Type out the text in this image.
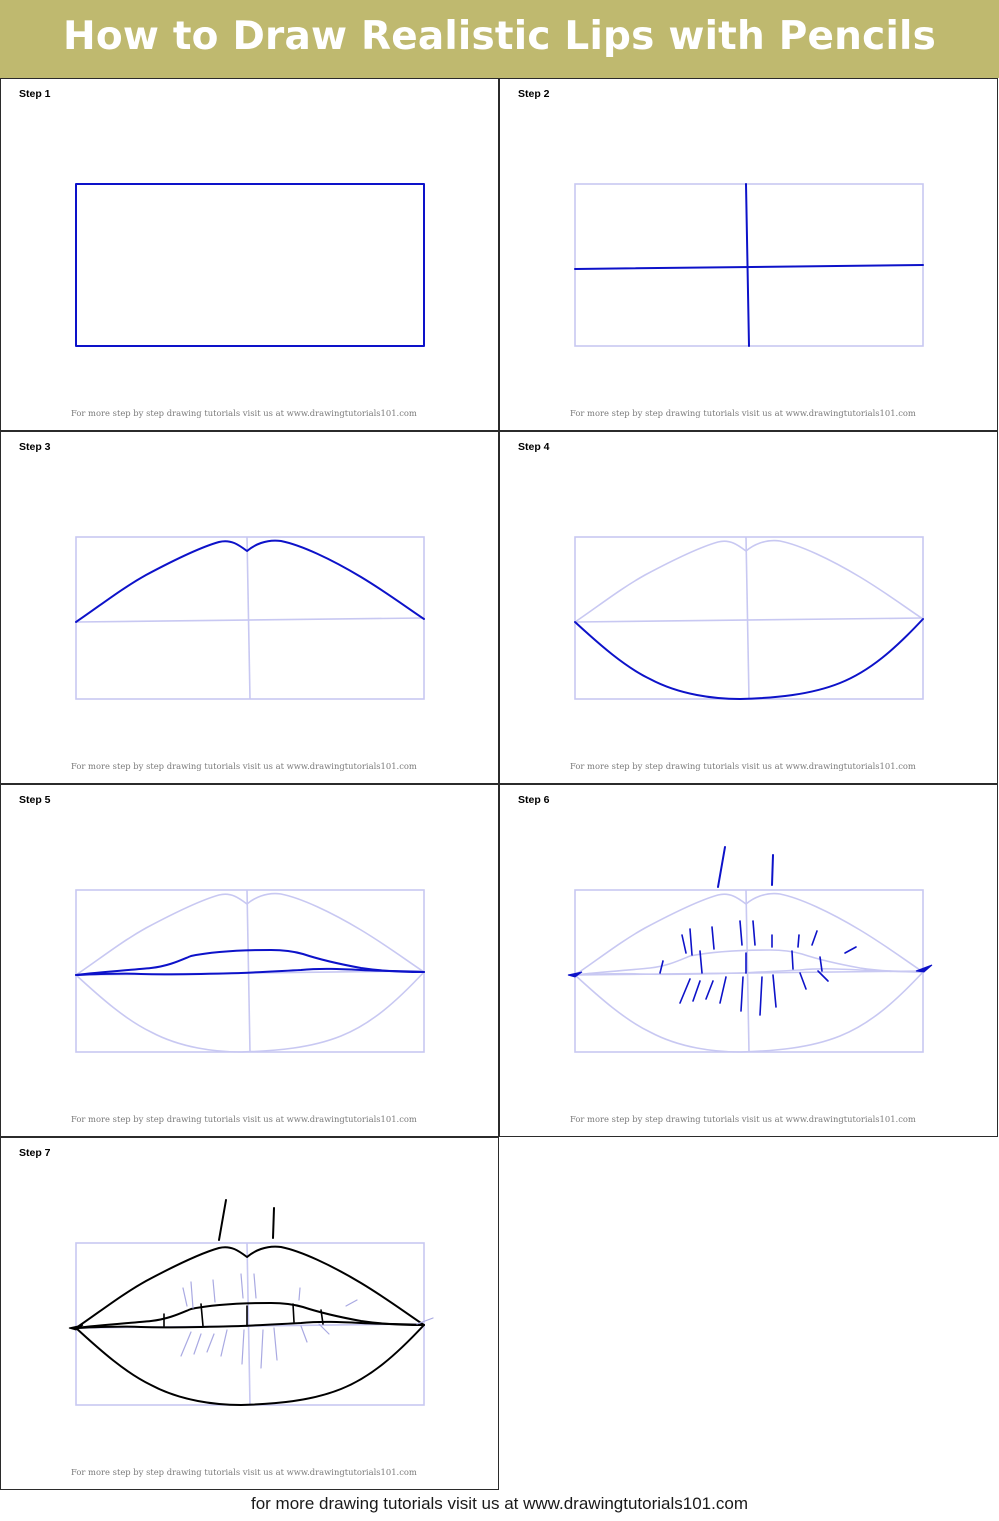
How to Draw Realistic Lips with Pencils
Step 1
For more step by step drawing tutorials visit us at www.drawingtutorials101.com
Step 2
For more step by step drawing tutorials visit us at www.drawingtutorials101.com
Step 3
For more step by step drawing tutorials visit us at www.drawingtutorials101.com
Step 4
For more step by step drawing tutorials visit us at www.drawingtutorials101.com
Step 5
For more step by step drawing tutorials visit us at www.drawingtutorials101.com
Step 6
For more step by step drawing tutorials visit us at www.drawingtutorials101.com
Step 7
For more step by step drawing tutorials visit us at www.drawingtutorials101.com
for more drawing tutorials visit us at www.drawingtutorials101.com
